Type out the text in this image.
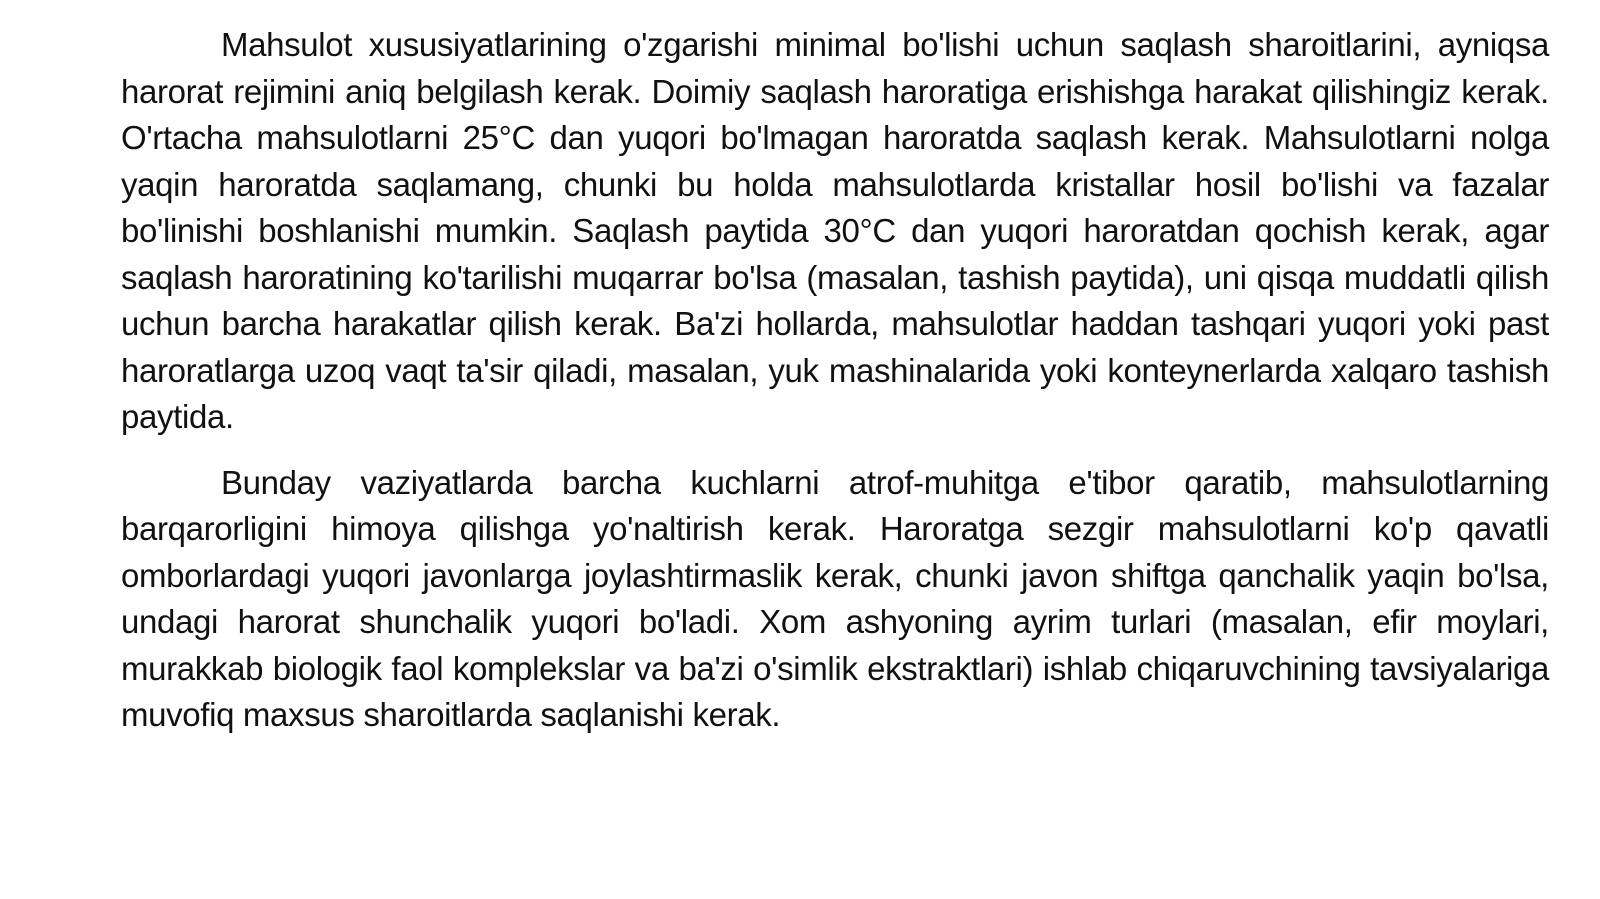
Mahsulot xususiyatlarining o'zgarishi minimal bo'lishi uchun saqlash sharoitlarini, ayniqsa harorat rejimini aniq belgilash kerak. Doimiy saqlash haroratiga erishishga harakat qilishingiz kerak. O'rtacha mahsulotlarni 25°C dan yuqori bo'lmagan haroratda saqlash kerak. Mahsulotlarni nolga yaqin haroratda saqlamang, chunki bu holda mahsulotlarda kristallar hosil bo'lishi va fazalar bo'linishi boshlanishi mumkin. Saqlash paytida 30°C dan yuqori haroratdan qochish kerak, agar saqlash haroratining ko'tarilishi muqarrar bo'lsa (masalan, tashish paytida), uni qisqa muddatli qilish uchun barcha harakatlar qilish kerak. Ba'zi hollarda, mahsulotlar haddan tashqari yuqori yoki past haroratlarga uzoq vaqt ta'sir qiladi, masalan, yuk mashinalarida yoki konteynerlarda xalqaro tashish paytida.

Bunday vaziyatlarda barcha kuchlarni atrof-muhitga e'tibor qaratib, mahsulotlarning barqarorligini himoya qilishga yo'naltirish kerak. Haroratga sezgir mahsulotlarni ko'p qavatli omborlardagi yuqori javonlarga joylashtirmaslik kerak, chunki javon shiftga qanchalik yaqin bo'lsa, undagi harorat shunchalik yuqori bo'ladi. Xom ashyoning ayrim turlari (masalan, efir moylari, murakkab biologik faol komplekslar va ba'zi o'simlik ekstraktlari) ishlab chiqaruvchining tavsiyalariga muvofiq maxsus sharoitlarda saqlanishi kerak.
